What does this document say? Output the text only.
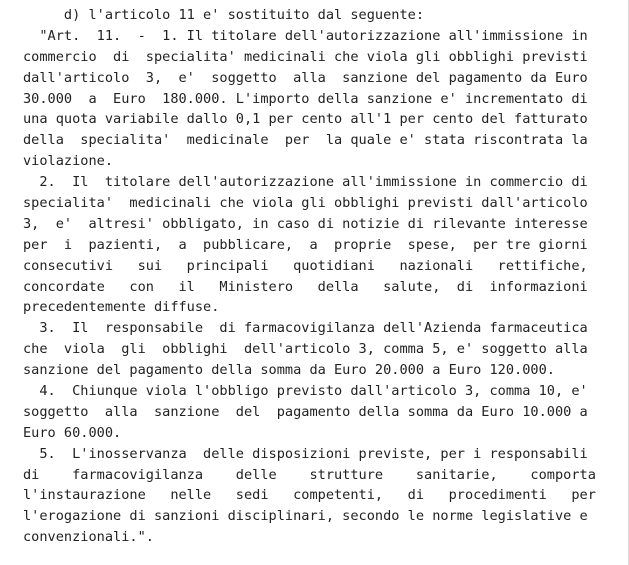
d) l'articolo 11 e' sostituito dal seguente:
"Art.  11.  -  1. Il titolare dell'autorizzazione all'immissione in
commercio  di  specialita' medicinali che viola gli obblighi previsti
dall'articolo  3,  e'  soggetto  alla  sanzione del pagamento da Euro
30.000  a  Euro  180.000. L'importo della sanzione e' incrementato di
una quota variabile dallo 0,1 per cento all'1 per cento del fatturato
della  specialita'  medicinale  per  la quale e' stata riscontrata la
violazione.
2.  Il  titolare dell'autorizzazione all'immissione in commercio di
specialita'  medicinali che viola gli obblighi previsti dall'articolo
3,  e'  altresi' obbligato, in caso di notizie di rilevante interesse
per  i  pazienti,  a  pubblicare,  a  proprie  spese,  per tre giorni
consecutivi   sui   principali   quotidiani   nazionali   rettifiche,
concordate   con   il   Ministero   della   salute,  di  informazioni
precedentemente diffuse.
3.  Il  responsabile  di farmacovigilanza dell'Azienda farmaceutica
che  viola  gli  obblighi  dell'articolo 3, comma 5, e' soggetto alla
sanzione del pagamento della somma da Euro 20.000 a Euro 120.000.
4.  Chiunque viola l'obbligo previsto dall'articolo 3, comma 10, e'
soggetto  alla  sanzione  del  pagamento della somma da Euro 10.000 a
Euro 60.000.
5.  L'inosservanza  delle disposizioni previste, per i responsabili
di    farmacovigilanza    delle    strutture    sanitarie,    comporta
l'instaurazione   nelle   sedi   competenti,   di   procedimenti   per
l'erogazione di sanzioni disciplinari, secondo le norme legislative e
convenzionali.".
